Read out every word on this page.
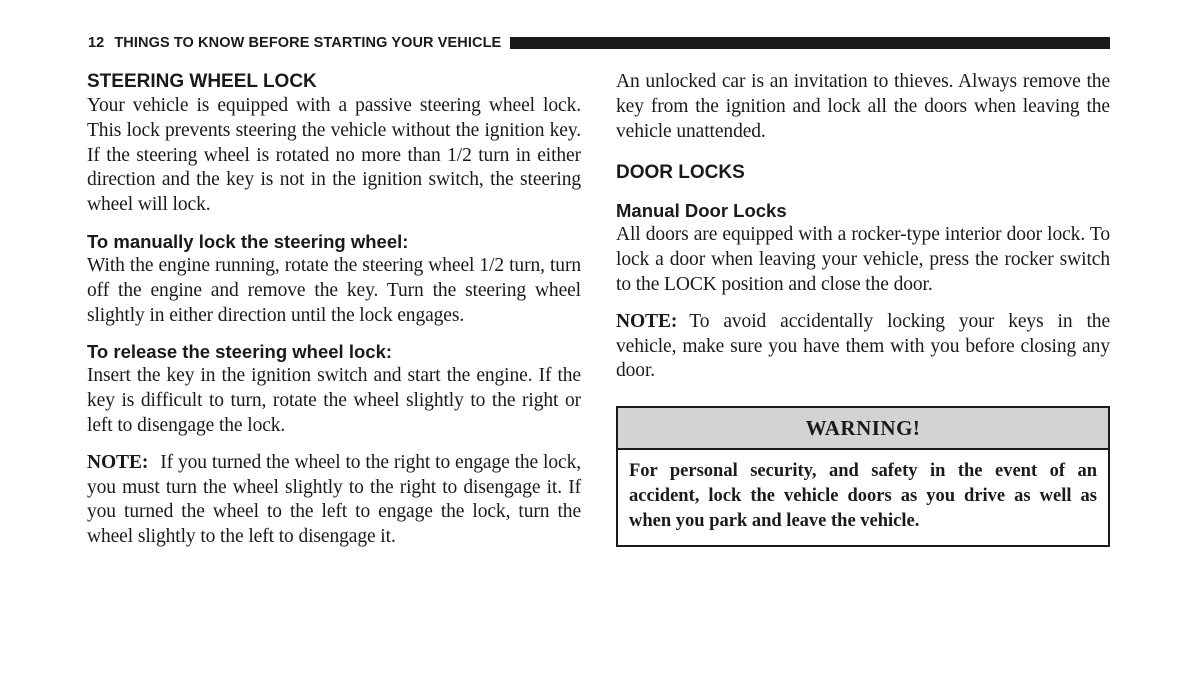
12 THINGS TO KNOW BEFORE STARTING YOUR VEHICLE
STEERING WHEEL LOCK

Your vehicle is equipped with a passive steering wheel lock. This lock prevents steering the vehicle without the ignition key. If the steering wheel is rotated no more than 1/2 turn in either direction and the key is not in the ignition switch, the steering wheel will lock.

To manually lock the steering wheel:

With the engine running, rotate the steering wheel 1/2 turn, turn off the engine and remove the key. Turn the steering wheel slightly in either direction until the lock engages.

To release the steering wheel lock:

Insert the key in the ignition switch and start the engine. If the key is difficult to turn, rotate the wheel slightly to the right or left to disengage the lock.

NOTE: If you turned the wheel to the right to engage the lock, you must turn the wheel slightly to the right to disengage it. If you turned the wheel to the left to engage the lock, turn the wheel slightly to the left to disengage it.

An unlocked car is an invitation to thieves. Always remove the key from the ignition and lock all the doors when leaving the vehicle unattended.

DOOR LOCKS
Manual Door Locks

All doors are equipped with a rocker-type interior door lock. To lock a door when leaving your vehicle, press the rocker switch to the LOCK position and close the door.

NOTE: To avoid accidentally locking your keys in the vehicle, make sure you have them with you before closing any door.

WARNING!
For personal security, and safety in the event of an accident, lock the vehicle doors as you drive as well as when you park and leave the vehicle.
